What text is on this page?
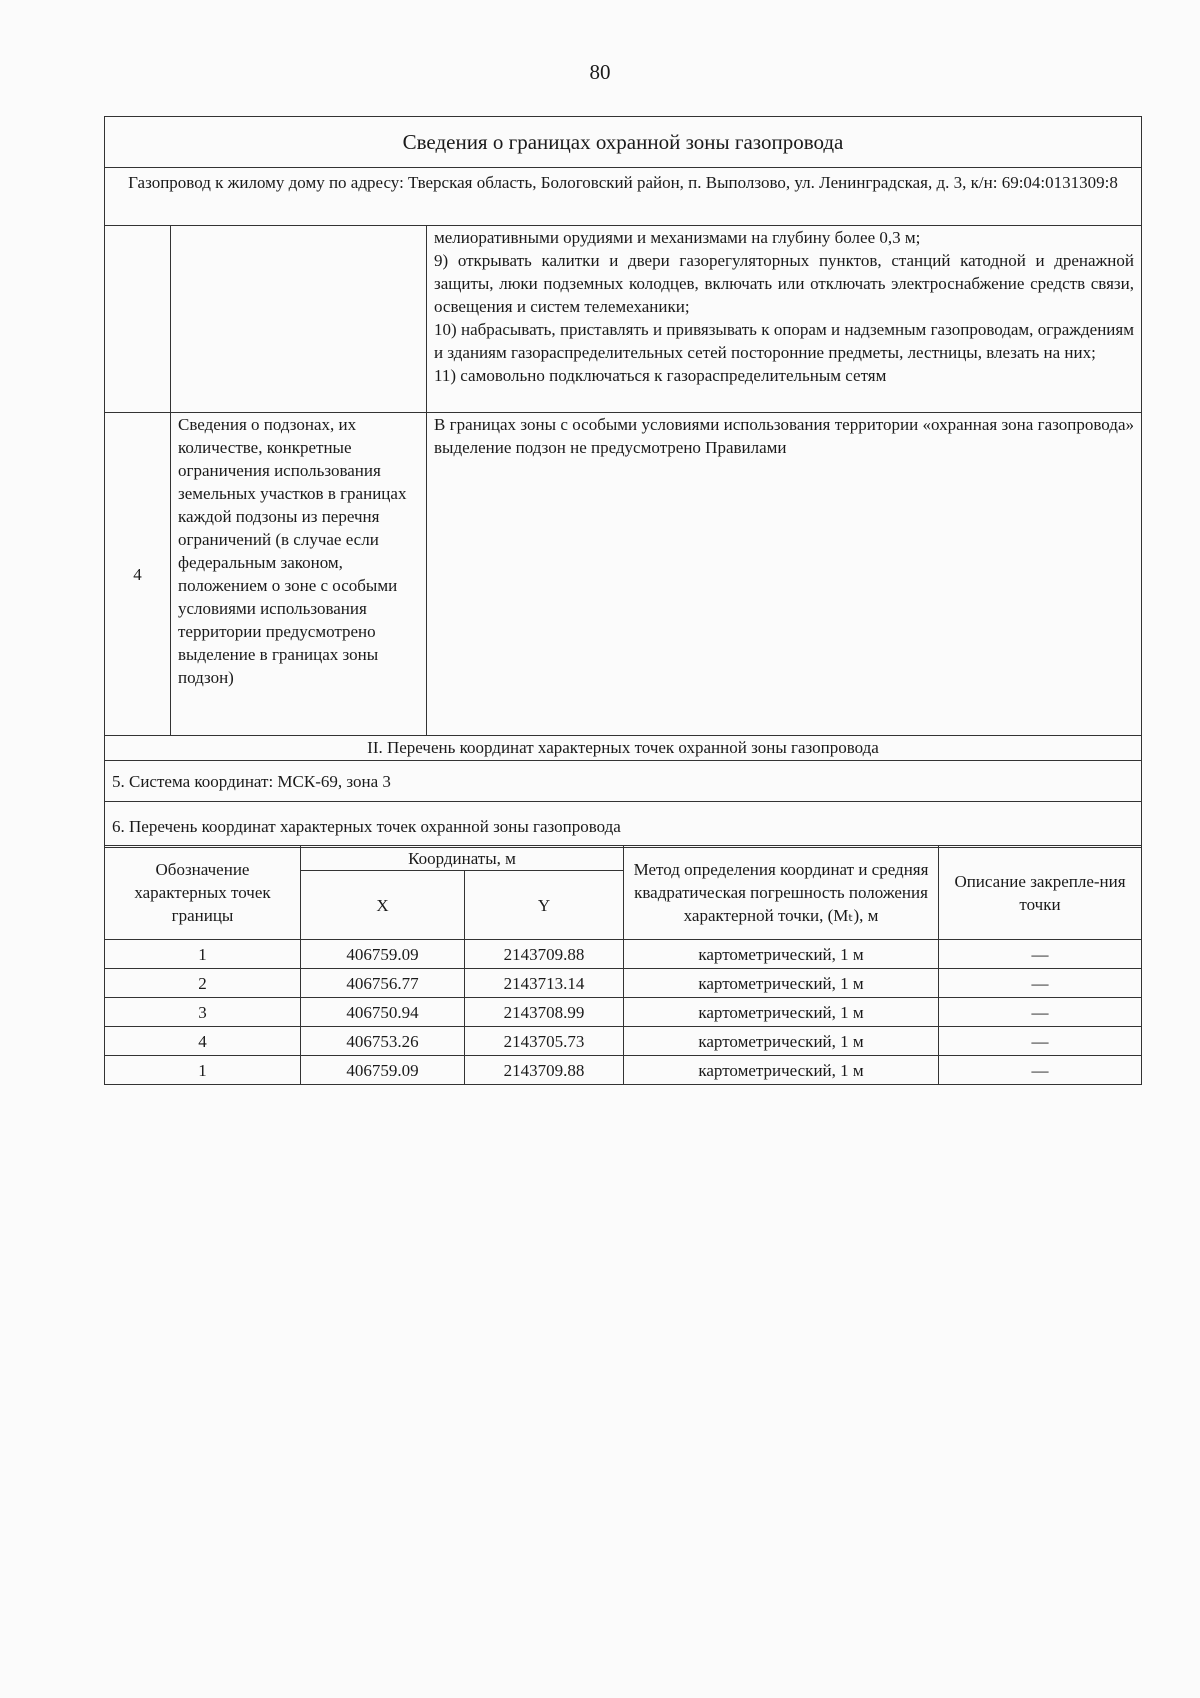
80
Сведения о границах охранной зоны газопровода		
Газопровод к жилому дому по адресу: Тверская область, Бологовский район, п. Выползово, ул. Ленинградская, д. 3, к/н: 69:04:0131309:8		

		мелиоративными орудиями и механизмами на глубину более 0,3 м;
9) открывать калитки и двери газорегуляторных пунктов, станций катодной и дренажной защиты, люки подземных колодцев, включать или отключать электроснабжение средств связи, освещения и систем телемеханики;
10) набрасывать, приставлять и привязывать к опорам и надземным газопроводам, ограждениям и зданиям газораспределительных сетей посторонние предметы, лестницы, влезать на них;
11) самовольно подключаться к газораспределительным сетям

4	Сведения о подзонах, их количестве, конкретные ограничения использования земельных участков в границах каждой подзоны из перечня ограничений (в случае если федеральным законом, положением о зоне с особыми условиями использования территории предусмотрено выделение в границах зоны подзон)	В границах зоны с особыми условиями использования территории «охранная зона газопровода» выделение подзон не предусмотрено Правилами
II. Перечень координат характерных точек охранной зоны газопровода		
5. Система координат: МСК-69, зона 3		
6. Перечень координат характерных точек охранной зоны газопровода		
Обозначение характерных точек границы	Координаты, м		Метод определения координат и средняя квадратическая погрешность положения характерной точки, (Mₜ), м	Описание закрепле-ния точки
	X	Y		
1	406759.09	2143709.88	картометрический, 1 м	—
2	406756.77	2143713.14	картометрический, 1 м	—
3	406750.94	2143708.99	картометрический, 1 м	—
4	406753.26	2143705.73	картометрический, 1 м	—
1	406759.09	2143709.88	картометрический, 1 м	—
